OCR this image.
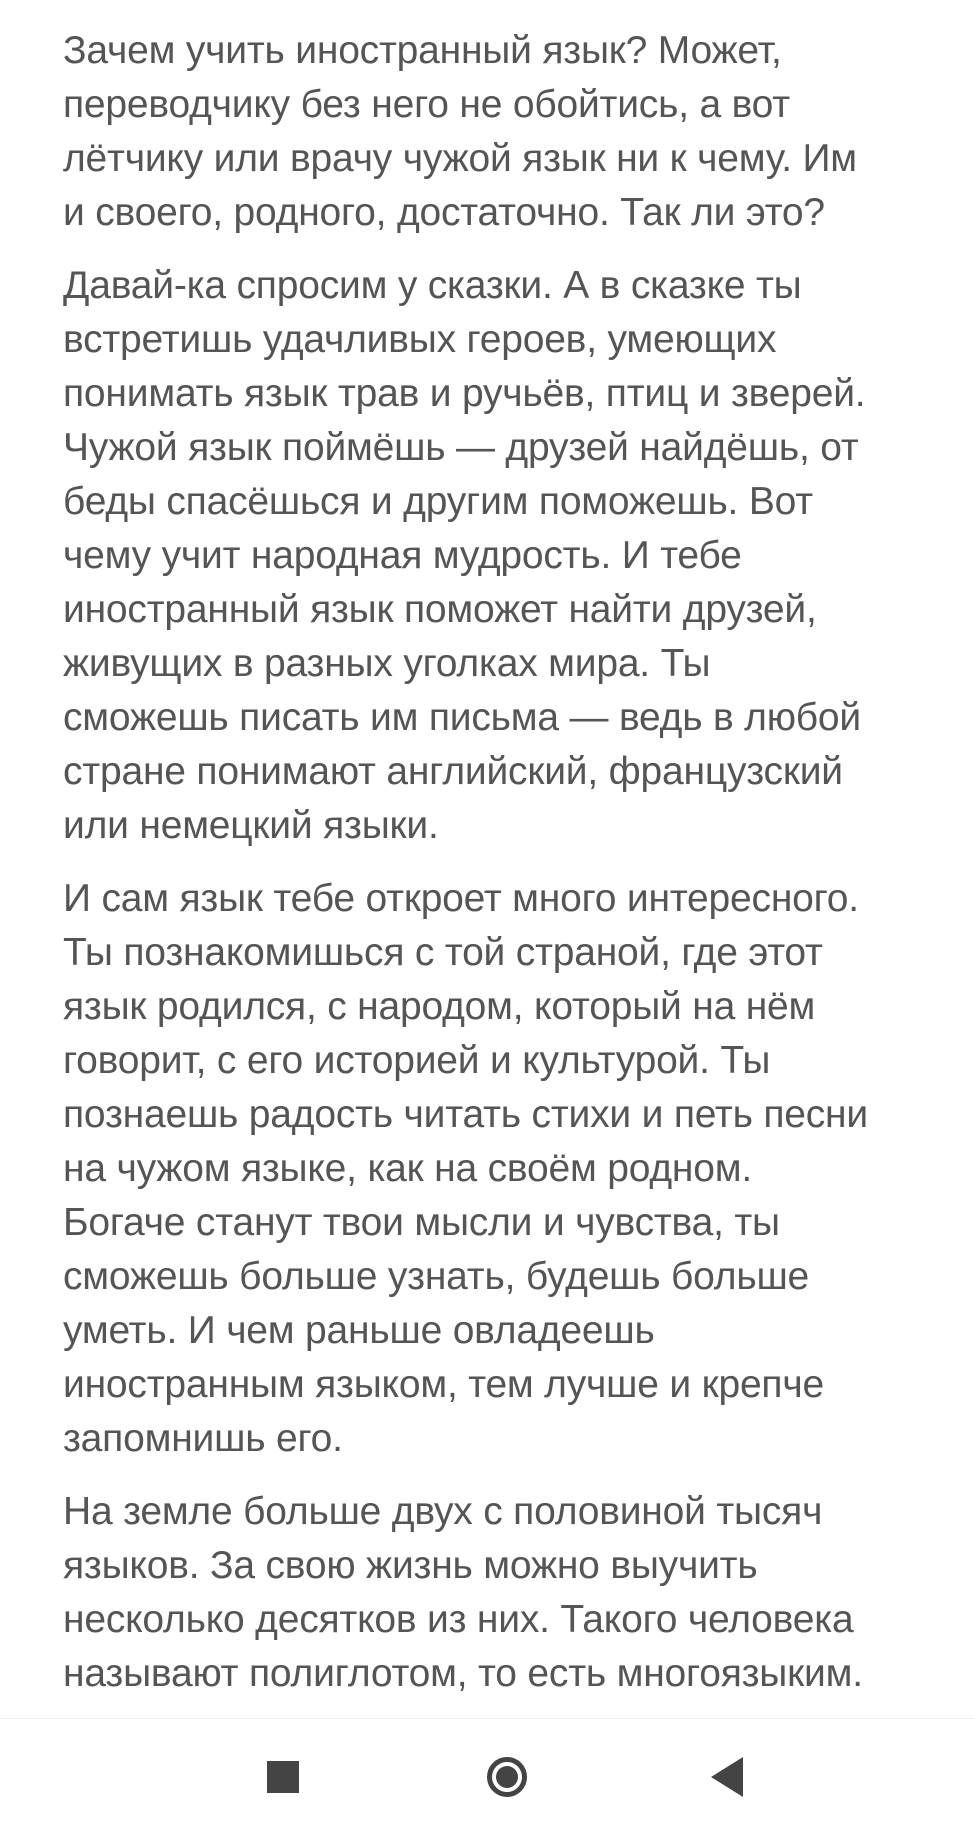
Зачем учить иностранный язык? Может,
переводчику без него не обойтись, а вот
лётчику или врачу чужой язык ни к чему. Им
и своего, родного, достаточно. Так ли это?

Давай-ка спросим у сказки. А в сказке ты
встретишь удачливых героев, умеющих
понимать язык трав и ручьёв, птиц и зверей.
Чужой язык поймёшь — друзей найдёшь, от
беды спасёшься и другим поможешь. Вот
чему учит народная мудрость. И тебе
иностранный язык поможет найти друзей,
живущих в разных уголках мира. Ты
сможешь писать им письма — ведь в любой
стране понимают английский, французский
или немецкий языки.

И сам язык тебе откроет много интересного.
Ты познакомишься с той страной, где этот
язык родился, с народом, который на нём
говорит, с его историей и культурой. Ты
познаешь радость читать стихи и петь песни
на чужом языке, как на своём родном.
Богаче станут твои мысли и чувства, ты
сможешь больше узнать, будешь больше
уметь. И чем раньше овладеешь
иностранным языком, тем лучше и крепче
запомнишь его.

На земле больше двух с половиной тысяч
языков. За свою жизнь можно выучить
несколько десятков из них. Такого человека
называют полиглотом, то есть многоязыким.
